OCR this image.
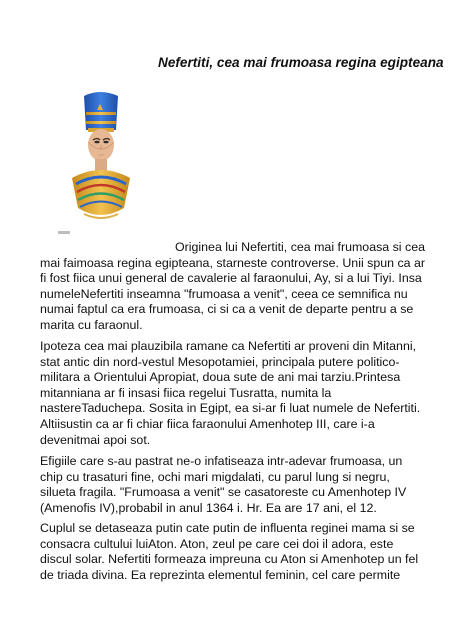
Nefertiti, cea mai frumoasa regina egipteana

Originea lui Nefertiti, cea mai frumoasa si cea
mai faimoasa regina egipteana, starneste controverse. Unii spun ca ar
fi fost fiica unui general de cavalerie al faraonului, Ay, si a lui Tiyi. Insa
numeleNefertiti inseamna "frumoasa a venit", ceea ce semnifica nu
numai faptul ca era frumoasa, ci si ca a venit de departe pentru a se
marita cu faraonul.

Ipoteza cea mai plauzibila ramane ca Nefertiti ar proveni din Mitanni,
stat antic din nord-vestul Mesopotamiei, principala putere politico-
militara a Orientului Apropiat, doua sute de ani mai tarziu.Printesa
mitanniana ar fi insasi fiica regelui Tusratta, numita la
nastereTaduchepa. Sosita in Egipt, ea si-ar fi luat numele de Nefertiti.
Altiisustin ca ar fi chiar fiica faraonului Amenhotep III, care i-a
devenitmai apoi sot.

Efigiile care s-au pastrat ne-o infatiseaza intr-adevar frumoasa, un
chip cu trasaturi fine, ochi mari migdalati, cu parul lung si negru,
silueta fragila. "Frumoasa a venit" se casatoreste cu Amenhotep IV
(Amenofis IV),probabil in anul 1364 i. Hr. Ea are 17 ani, el 12.

Cuplul se detaseaza putin cate putin de influenta reginei mama si se
consacra cultului luiAton. Aton, zeul pe care cei doi il adora, este
discul solar. Nefertiti formeaza impreuna cu Aton si Amenhotep un fel
de triada divina. Ea reprezinta elementul feminin, cel care permite
